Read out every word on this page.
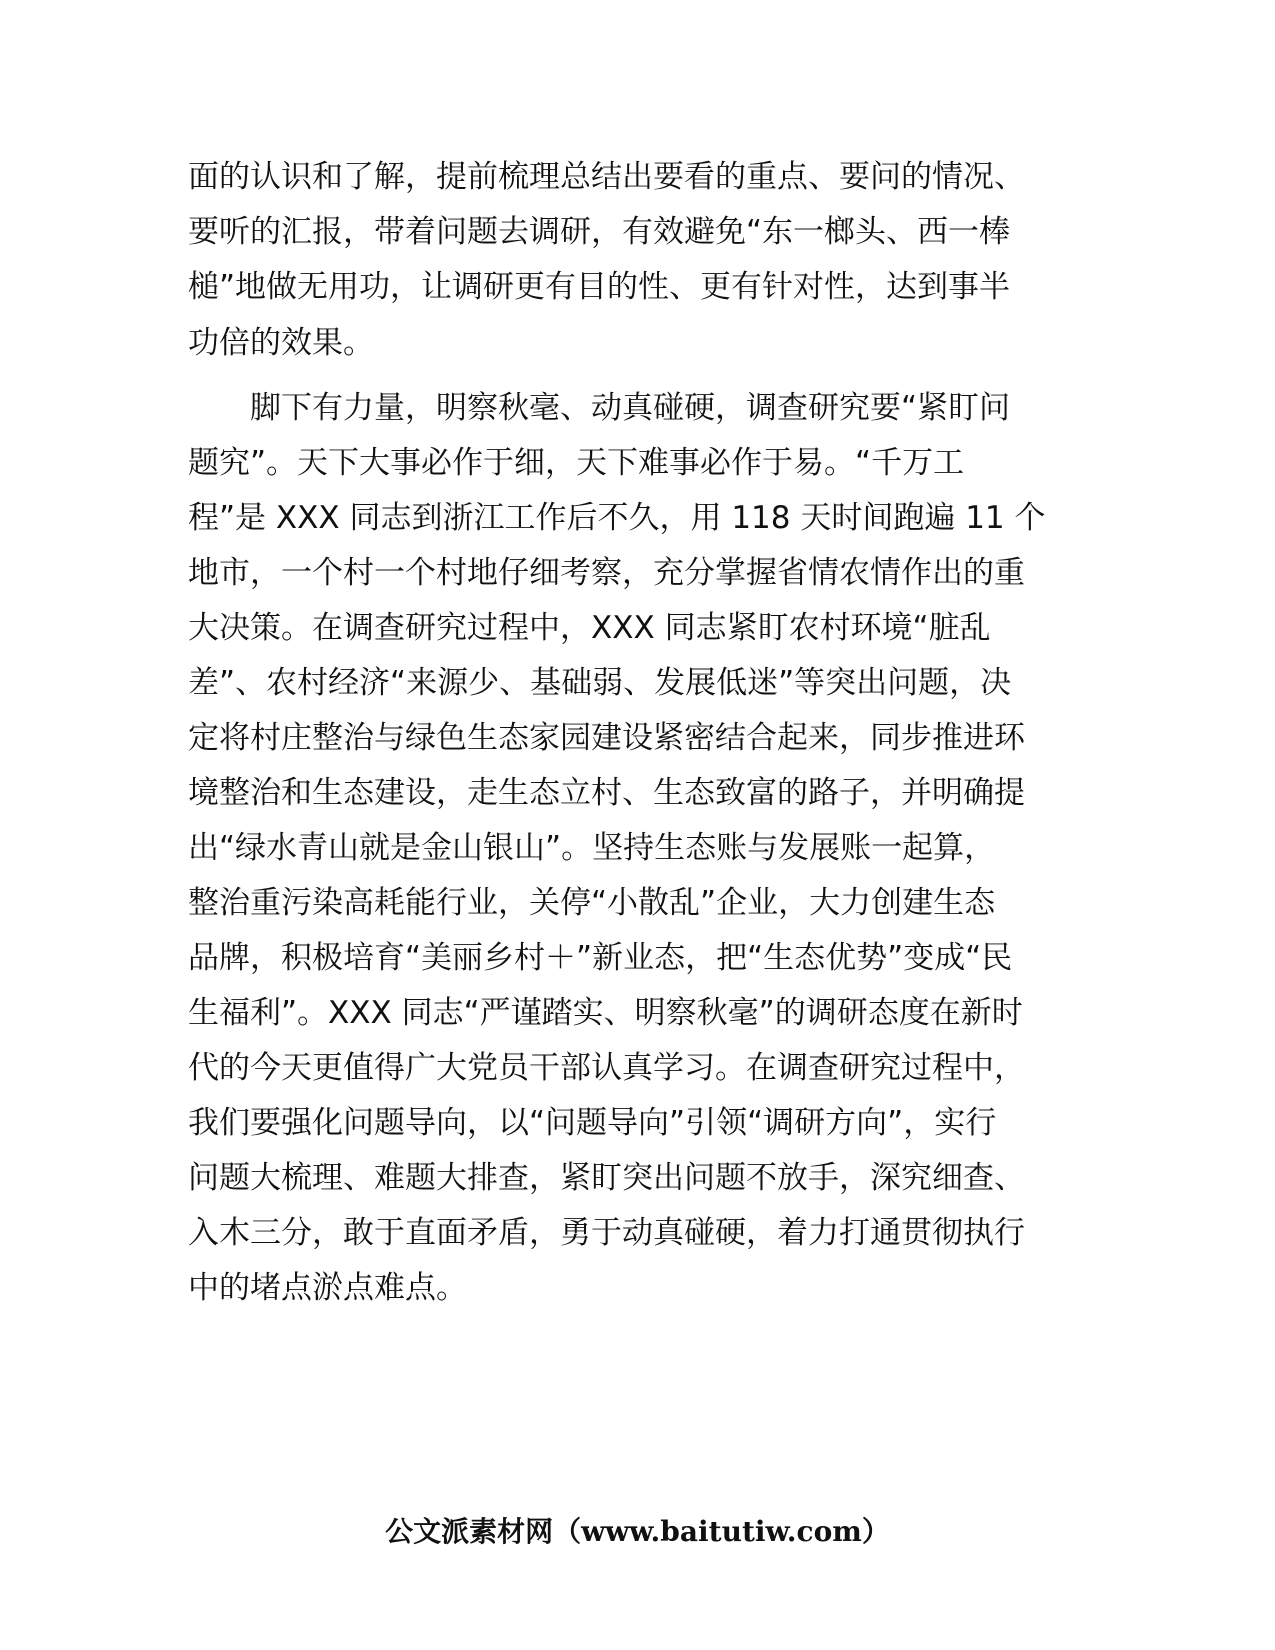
面的认识和了解，提前梳理总结出要看的重点、要问的情况、
要听的汇报，带着问题去调研，有效避免“东一榔头、西一棒
槌”地做无用功，让调研更有目的性、更有针对性，达到事半
功倍的效果。
　　脚下有力量，明察秋毫、动真碰硬，调查研究要“紧盯问
题究”。天下大事必作于细，天下难事必作于易。“千万工
程”是 XXX 同志到浙江工作后不久，用 118 天时间跑遍 11 个
地市，一个村一个村地仔细考察，充分掌握省情农情作出的重
大决策。在调查研究过程中，XXX 同志紧盯农村环境“脏乱
差”、农村经济“来源少、基础弱、发展低迷”等突出问题，决
定将村庄整治与绿色生态家园建设紧密结合起来，同步推进环
境整治和生态建设，走生态立村、生态致富的路子，并明确提
出“绿水青山就是金山银山”。坚持生态账与发展账一起算，
整治重污染高耗能行业，关停“小散乱”企业，大力创建生态
品牌，积极培育“美丽乡村＋”新业态，把“生态优势”变成“民
生福利”。XXX 同志“严谨踏实、明察秋毫”的调研态度在新时
代的今天更值得广大党员干部认真学习。在调查研究过程中，
我们要强化问题导向，以“问题导向”引领“调研方向”，实行
问题大梳理、难题大排查，紧盯突出问题不放手，深究细查、
入木三分，敢于直面矛盾，勇于动真碰硬，着力打通贯彻执行
中的堵点淤点难点。
公文派素材网（www.baitutiw.com）
